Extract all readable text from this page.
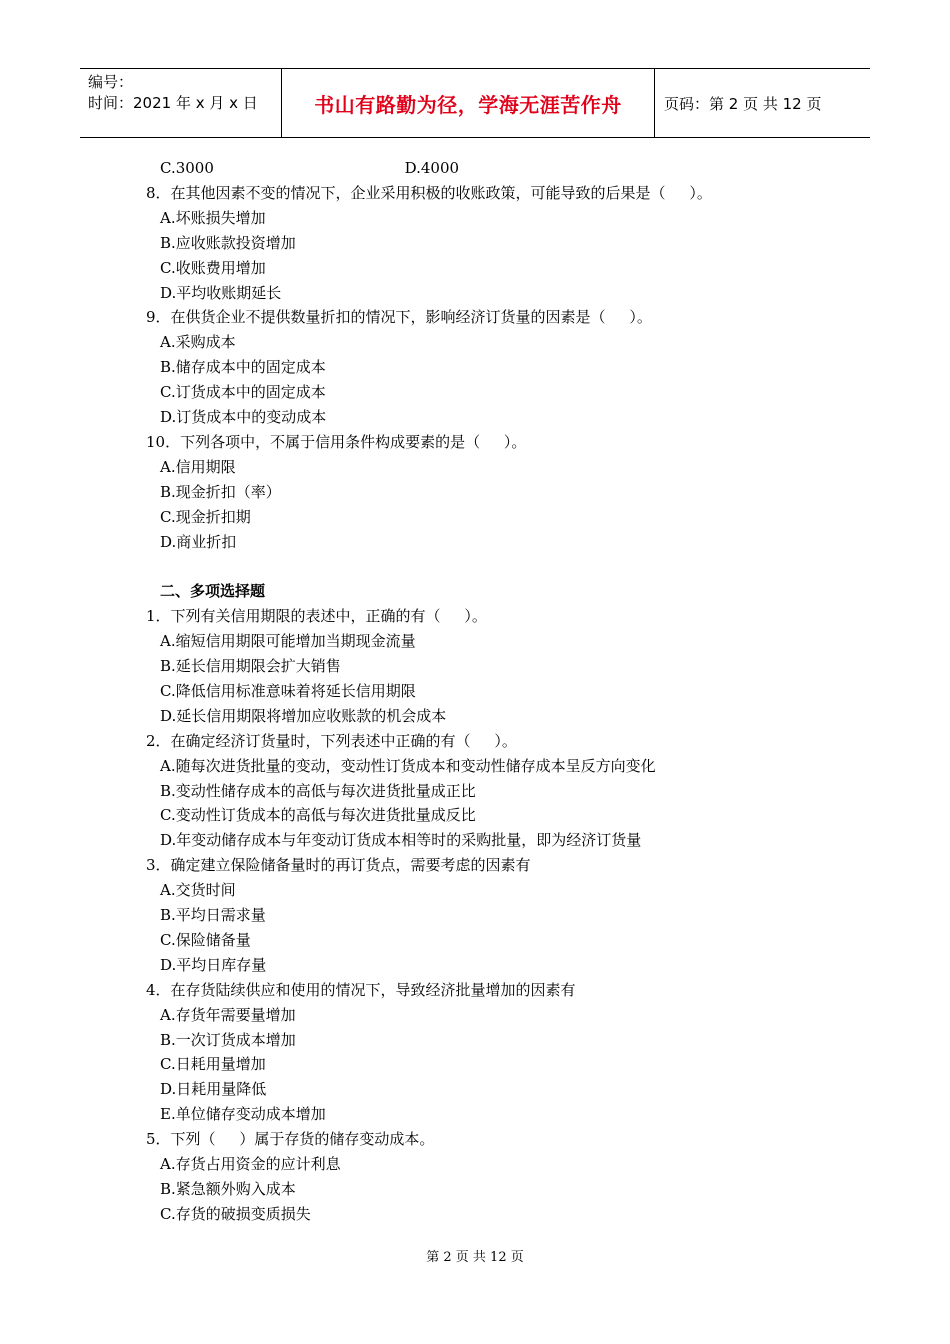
编号：
时间：2021 年 x 月 x 日	书山有路勤为径，学海无涯苦作舟	页码：第 2 页 共 12 页
C.3000                                        D.4000
8．在其他因素不变的情况下，企业采用积极的收账政策，可能导致的后果是（     ）。
A.坏账损失增加
B.应收账款投资增加
C.收账费用增加
D.平均收账期延长
9．在供货企业不提供数量折扣的情况下，影响经济订货量的因素是（     ）。
A.采购成本
B.储存成本中的固定成本
C.订货成本中的固定成本
D.订货成本中的变动成本
10．下列各项中，不属于信用条件构成要素的是（     ）。
A.信用期限
B.现金折扣（率）
C.现金折扣期
D.商业折扣
二、多项选择题
1．下列有关信用期限的表述中，正确的有（     ）。
A.缩短信用期限可能增加当期现金流量
B.延长信用期限会扩大销售
C.降低信用标准意味着将延长信用期限
D.延长信用期限将增加应收账款的机会成本
2．在确定经济订货量时，下列表述中正确的有（     ）。
A.随每次进货批量的变动，变动性订货成本和变动性储存成本呈反方向变化
B.变动性储存成本的高低与每次进货批量成正比
C.变动性订货成本的高低与每次进货批量成反比
D.年变动储存成本与年变动订货成本相等时的采购批量，即为经济订货量
3．确定建立保险储备量时的再订货点，需要考虑的因素有
A.交货时间
B.平均日需求量
C.保险储备量
D.平均日库存量
4．在存货陆续供应和使用的情况下，导致经济批量增加的因素有
A.存货年需要量增加
B.一次订货成本增加
C.日耗用量增加
D.日耗用量降低
E.单位储存变动成本增加
5．下列（     ）属于存货的储存变动成本。
A.存货占用资金的应计利息
B.紧急额外购入成本
C.存货的破损变质损失
第 2 页 共 12 页
